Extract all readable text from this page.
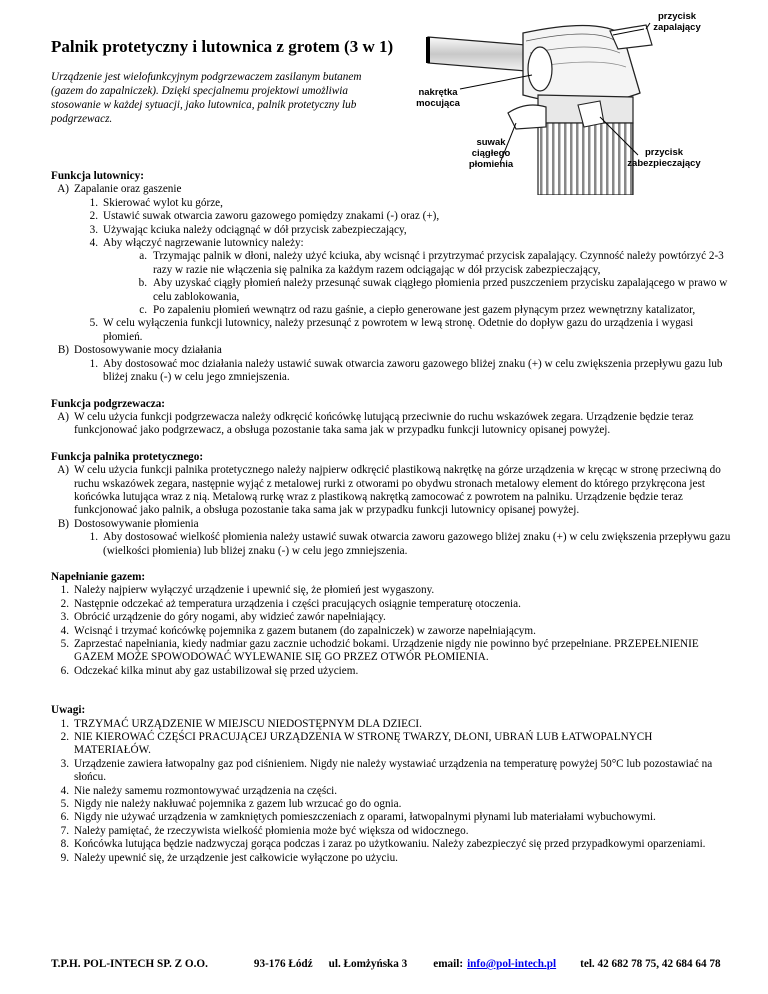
Palnik protetyczny i lutownica z grotem (3 w 1)
Urządzenie jest wielofunkcyjnym podgrzewaczem zasilanym butanem (gazem do zapalniczek). Dzięki specjalnemu projektowi umożliwia stosowanie w każdej sytuacji, jako lutownica, palnik protetyczny lub podgrzewacz.
przycisk zapalający
nakrętka mocująca
suwak ciągłego płomienia
przycisk zabezpieczający
Funkcja lutownicy:
A) Zapalanie oraz gaszenie
1. Skierować wylot ku górze,
2. Ustawić suwak otwarcia zaworu gazowego pomiędzy znakami (-) oraz (+),
3. Używając kciuka należy odciągnąć w dół przycisk zabezpieczający,
4. Aby włączyć nagrzewanie lutownicy należy:
a. Trzymając palnik w dłoni, należy użyć kciuka, aby wcisnąć i przytrzymać przycisk zapalający. Czynność należy powtórzyć 2-3 razy w razie nie włączenia się palnika za każdym razem odciągając w dół przycisk zabezpieczający,
b. Aby uzyskać ciągły płomień należy przesunąć suwak ciągłego płomienia przed puszczeniem przycisku zapalającego w prawo w celu zablokowania,
c. Po zapaleniu płomień wewnątrz od razu gaśnie, a ciepło generowane jest gazem płynącym przez wewnętrzny katalizator,
5. W celu wyłączenia funkcji lutownicy, należy przesunąć z powrotem w lewą stronę. Odetnie do dopływ gazu do urządzenia i wygasi płomień.
B) Dostosowywanie mocy działania
1. Aby dostosować moc działania należy ustawić suwak otwarcia zaworu gazowego bliżej znaku (+) w celu zwiększenia przepływu gazu lub bliżej znaku (-) w celu jego zmniejszenia.
Funkcja podgrzewacza:
A) W celu użycia funkcji podgrzewacza należy odkręcić końcówkę lutującą przeciwnie do ruchu wskazówek zegara. Urządzenie będzie teraz funkcjonować jako podgrzewacz, a obsługa pozostanie taka sama jak w przypadku funkcji lutownicy opisanej powyżej.
Funkcja palnika protetycznego:
A) W celu użycia funkcji palnika protetycznego należy najpierw odkręcić plastikową nakrętkę na górze urządzenia w kręcąc w stronę przeciwną do ruchu wskazówek zegara, następnie wyjąć z metalowej rurki z otworami po obydwu stronach metalowy element do którego przykręcona jest końcówka lutująca wraz z nią. Metalową rurkę wraz z plastikową nakrętką zamocować z powrotem na palniku. Urządzenie będzie teraz funkcjonować jako palnik, a obsługa pozostanie taka sama jak w przypadku funkcji lutownicy opisanej powyżej.
B) Dostosowywanie płomienia
1. Aby dostosować wielkość płomienia należy ustawić suwak otwarcia zaworu gazowego bliżej znaku (+) w celu zwiększenia przepływu gazu (wielkości płomienia) lub bliżej znaku (-) w celu jego zmniejszenia.
Napełnianie gazem:
1. Należy najpierw wyłączyć urządzenie i upewnić się, że płomień jest wygaszony.
2. Następnie odczekać aż temperatura urządzenia i części pracujących osiągnie temperaturę otoczenia.
3. Obrócić urządzenie do góry nogami, aby widzieć zawór napełniający.
4. Wcisnąć i trzymać końcówkę pojemnika z gazem butanem (do zapalniczek) w zaworze napełniającym.
5. Zaprzestać napełniania, kiedy nadmiar gazu zacznie uchodzić bokami. Urządzenie nigdy nie powinno być przepełniane. PRZEPEŁNIENIE GAZEM MOŻE SPOWODOWAĆ WYLEWANIE SIĘ GO PRZEZ OTWÓR PŁOMIENIA.
6. Odczekać kilka minut aby gaz ustabilizował się przed użyciem.
Uwagi:
1. TRZYMAĆ URZĄDZENIE W MIEJSCU NIEDOSTĘPNYM DLA DZIECI.
2. NIE KIEROWAĆ CZĘŚCI PRACUJĄCEJ URZĄDZENIA W STRONĘ TWARZY, DŁONI, UBRAŃ LUB ŁATWOPALNYCH MATERIAŁÓW.
3. Urządzenie zawiera łatwopalny gaz pod ciśnieniem. Nigdy nie należy wystawiać urządzenia na temperaturę powyżej 50°C lub pozostawiać na słońcu.
4. Nie należy samemu rozmontowywać urządzenia na części.
5. Nigdy nie należy nakłuwać pojemnika z gazem lub wrzucać go do ognia.
6. Nigdy nie używać urządzenia w zamkniętych pomieszczeniach z oparami, łatwopalnymi płynami lub materiałami wybuchowymi.
7. Należy pamiętać, że rzeczywista wielkość płomienia może być większa od widocznego.
8. Końcówka lutująca będzie nadzwyczaj gorąca podczas i zaraz po użytkowaniu. Należy zabezpieczyć się przed przypadkowymi oparzeniami.
9. Należy upewnić się, że urządzenie jest całkowicie wyłączone po użyciu.
T.P.H. POL-INTECH SP. Z O.O.	93-176 Łódź ul. Łomżyńska 3 email: info@pol-intech.pl tel. 42 682 78 75, 42 684 64 78
